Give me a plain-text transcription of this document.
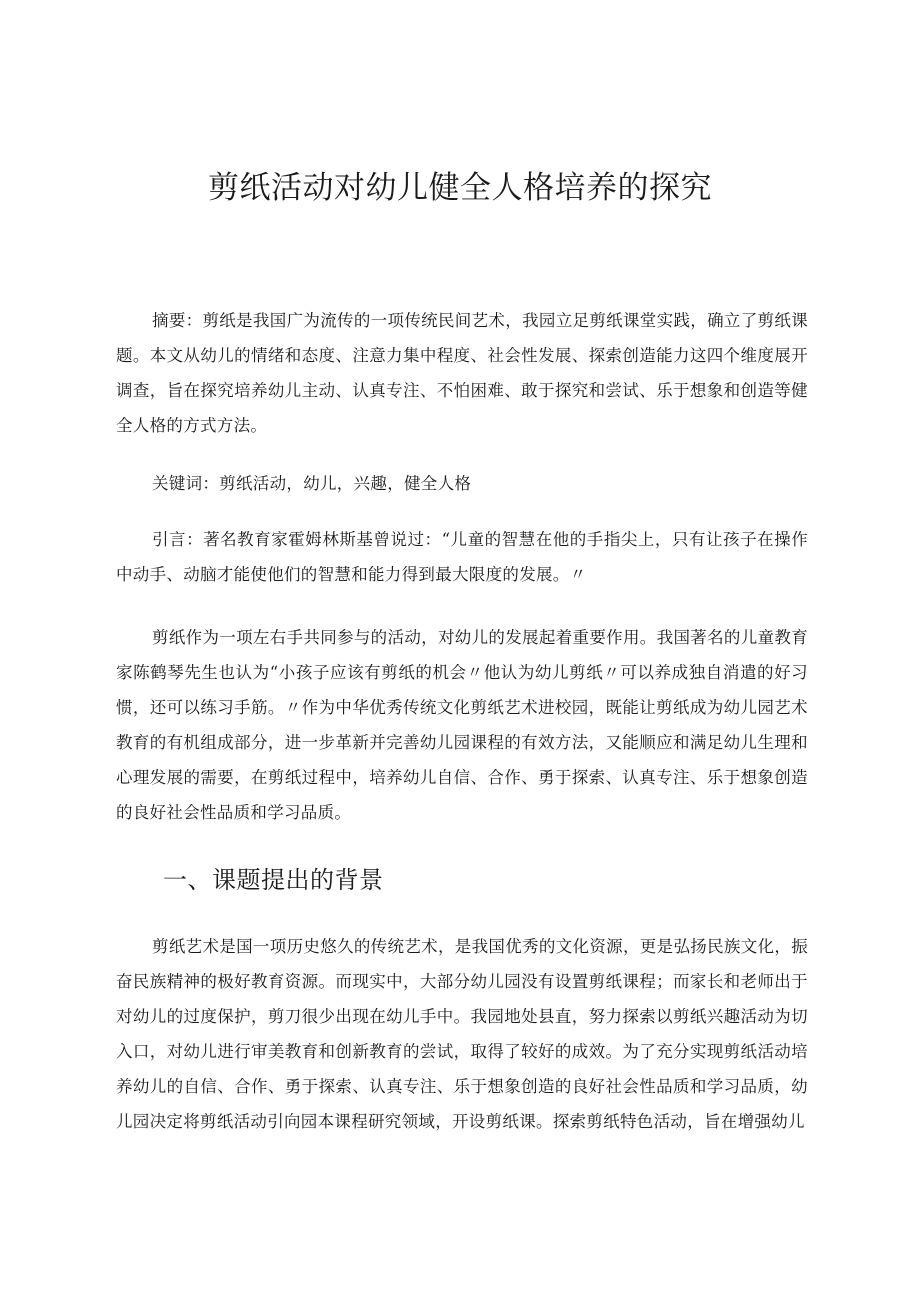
剪纸活动对幼儿健全人格培养的探究

摘要：剪纸是我国广为流传的一项传统民间艺术，我园立足剪纸课堂实践，确立了剪纸课题。本文从幼儿的情绪和态度、注意力集中程度、社会性发展、探索创造能力这四个维度展开调查，旨在探究培养幼儿主动、认真专注、不怕困难、敢于探究和尝试、乐于想象和创造等健全人格的方式方法。

关键词：剪纸活动，幼儿，兴趣，健全人格

引言：著名教育家霍姆林斯基曾说过：“儿童的智慧在他的手指尖上，只有让孩子在操作中动手、动脑才能使他们的智慧和能力得到最大限度的发展。〃

剪纸作为一项左右手共同参与的活动，对幼儿的发展起着重要作用。我国著名的儿童教育家陈鹤琴先生也认为“小孩子应该有剪纸的机会〃他认为幼儿剪纸〃可以养成独自消遣的好习惯，还可以练习手筋。〃作为中华优秀传统文化剪纸艺术进校园，既能让剪纸成为幼儿园艺术教育的有机组成部分，进一步革新并完善幼儿园课程的有效方法，又能顺应和满足幼儿生理和心理发展的需要，在剪纸过程中，培养幼儿自信、合作、勇于探索、认真专注、乐于想象创造的良好社会性品质和学习品质。

一、课题提出的背景

剪纸艺术是国一项历史悠久的传统艺术，是我国优秀的文化资源，更是弘扬民族文化，振奋民族精神的极好教育资源。而现实中，大部分幼儿园没有设置剪纸课程；而家长和老师出于对幼儿的过度保护，剪刀很少出现在幼儿手中。我园地处县直，努力探索以剪纸兴趣活动为切入口，对幼儿进行审美教育和创新教育的尝试，取得了较好的成效。为了充分实现剪纸活动培养幼儿的自信、合作、勇于探索、认真专注、乐于想象创造的良好社会性品质和学习品质，幼儿园决定将剪纸活动引向园本课程研究领域，开设剪纸课。探索剪纸特色活动，旨在增强幼儿
